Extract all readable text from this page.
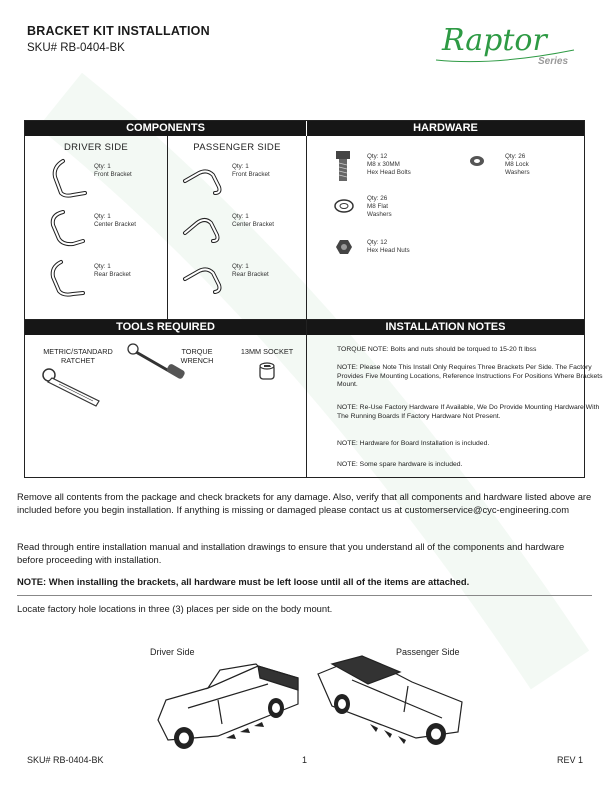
BRACKET KIT INSTALLATION
SKU# RB-0404-BK	Raptor
Series
COMPONENTS	HARDWARE
TOOLS REQUIRED	INSTALLATION NOTES
DRIVER SIDE	PASSENGER SIDE
Qty: 1
Front Bracket
Qty: 1
Center Bracket
Qty: 1
Rear Bracket
Qty: 1
Front Bracket
Qty: 1
Center Bracket
Qty: 1
Rear Bracket
Qty: 12
M8 x 30MM
Hex Head Bolts
Qty: 26
M8 Lock
Washers
Qty: 26
M8 Flat
Washers
Qty: 12
Hex Head Nuts
METRIC/STANDARD
RATCHET
TORQUE
WRENCH
13MM SOCKET	TORQUE NOTE: Bolts and nuts should be torqued to 15-20 ft lbss
NOTE: Please Note This Install Only Requires Three Brackets Per Side. The Factory Provides Five Mounting Locations, Reference Instructions For Positions Where Brackets Mount.
NOTE: Re-Use Factory Hardware If Available, We Do Provide Mounting Hardware With The Running Boards If Factory Hardware Not Present.
NOTE: Hardware for Board Installation is included.
NOTE: Some spare hardware is included.
Remove all contents from the package and check brackets for any damage. Also, verify that all components and hardware listed above are included before you begin installation. If anything is missing or damaged please contact us at customerservice@cyc-engineering.com
Read through entire installation manual and installation drawings to ensure that you understand all of the components and hardware before proceeding with installation.
NOTE: When installing the brackets, all hardware must be left loose until all of the items are attached.
Locate factory hole locations in three (3) places per side on the body mount.
Driver Side	Passenger Side
SKU# RB-0404-BK	1	REV 1
